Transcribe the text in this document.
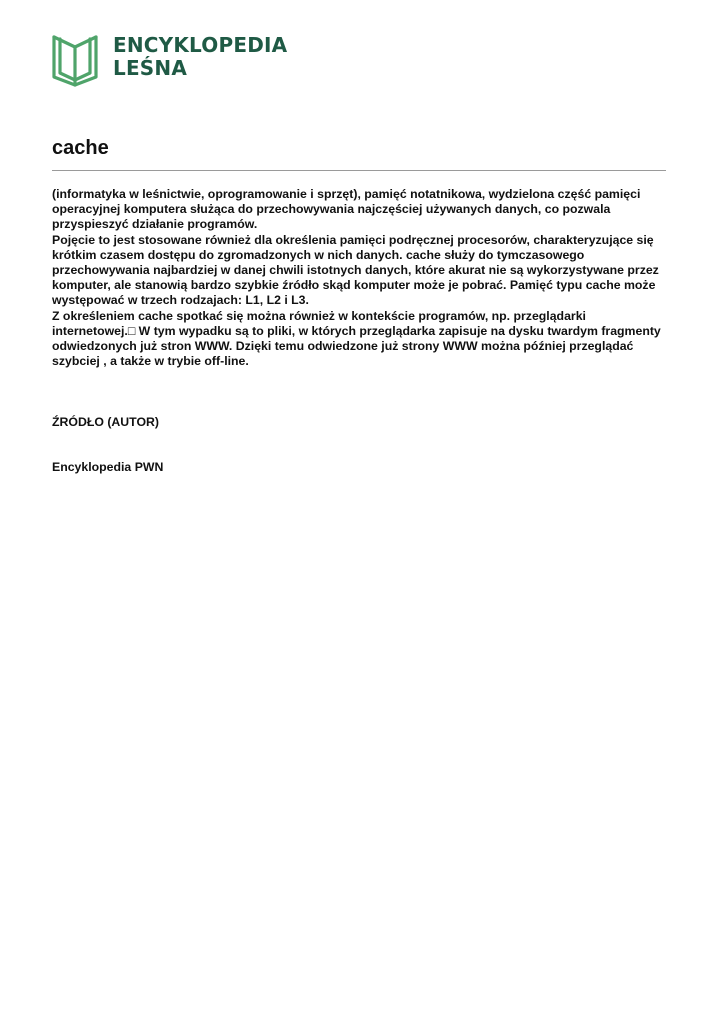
ENCYKLOPEDIA
LEŚNA
cache

(informatyka w leśnictwie, oprogramowanie i sprzęt), pamięć notatnikowa, wydzielona część pamięci operacyjnej komputera służąca do przechowywania najczęściej używanych danych, co pozwala przyspieszyć działanie programów.

Pojęcie to jest stosowane również dla określenia pamięci podręcznej procesorów, charakteryzujące się krótkim czasem dostępu do zgromadzonych w nich danych. cache służy do tymczasowego przechowywania najbardziej w danej chwili istotnych danych, które akurat nie są wykorzystywane przez komputer, ale stanowią bardzo szybkie źródło skąd komputer może je pobrać. Pamięć typu cache może występować w trzech rodzajach: L1, L2 i L3.

Z określeniem cache spotkać się można również w kontekście programów, np. przeglądarki internetowej.□ W tym wypadku są to pliki, w których przeglądarka zapisuje na dysku twardym fragmenty odwiedzonych już stron WWW. Dzięki temu odwiedzone już strony WWW można później przeglądać szybciej , a także w trybie off-line.

ŹRÓDŁO (AUTOR)
Encyklopedia PWN
